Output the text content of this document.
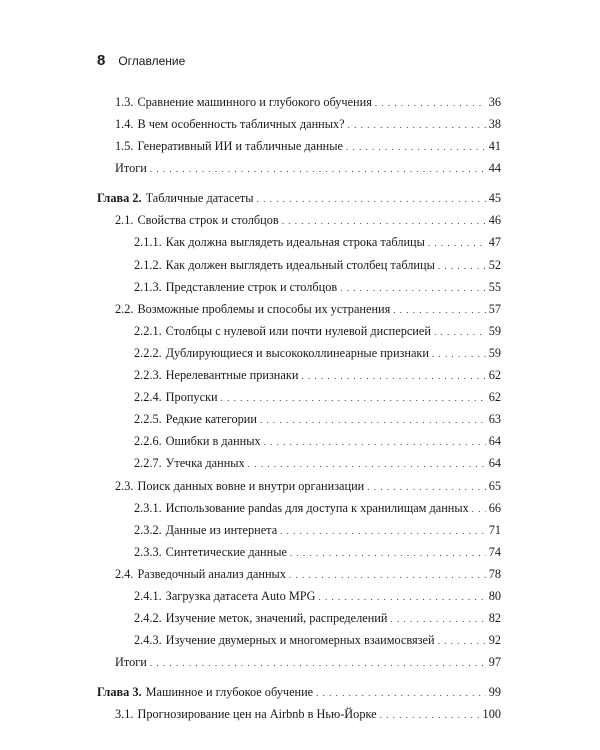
8 Оглавление
1.3. Сравнение машинного и глубокого обучения . . .	36
1.4. В чем особенность табличных данных? . . .	38
1.5. Генеративный ИИ и табличные данные . . .	41
Итоги . . .	44
Глава 2. Табличные датасеты . . .	45
2.1. Свойства строк и столбцов . . .	46
2.1.1. Как должна выглядеть идеальная строка таблицы . . .	47
2.1.2. Как должен выглядеть идеальный столбец таблицы . . .	52
2.1.3. Представление строк и столбцов . . .	55
2.2. Возможные проблемы и способы их устранения . . .	57
2.2.1. Столбцы с нулевой или почти нулевой дисперсией . . .	59
2.2.2. Дублирующиеся и высококоллинеарные признаки . . .	59
2.2.3. Нерелевантные признаки . . .	62
2.2.4. Пропуски . . .	62
2.2.5. Редкие категории . . .	63
2.2.6. Ошибки в данных . . .	64
2.2.7. Утечка данных . . .	64
2.3. Поиск данных вовне и внутри организации . . .	65
2.3.1. Использование pandas для доступа к хранилищам данных . . . 66
2.3.2. Данные из интернета . . .	71
2.3.3. Синтетические данные . . .	74
2.4. Разведочный анализ данных . . .	78
2.4.1. Загрузка датасета Auto MPG . . .	80
2.4.2. Изучение меток, значений, распределений . . .	82
2.4.3. Изучение двумерных и многомерных взаимосвязей . . .	92
Итоги . . .	97
Глава 3. Машинное и глубокое обучение . . .	99
3.1. Прогнозирование цен на Airbnb в Нью-Йорке . . .	100
